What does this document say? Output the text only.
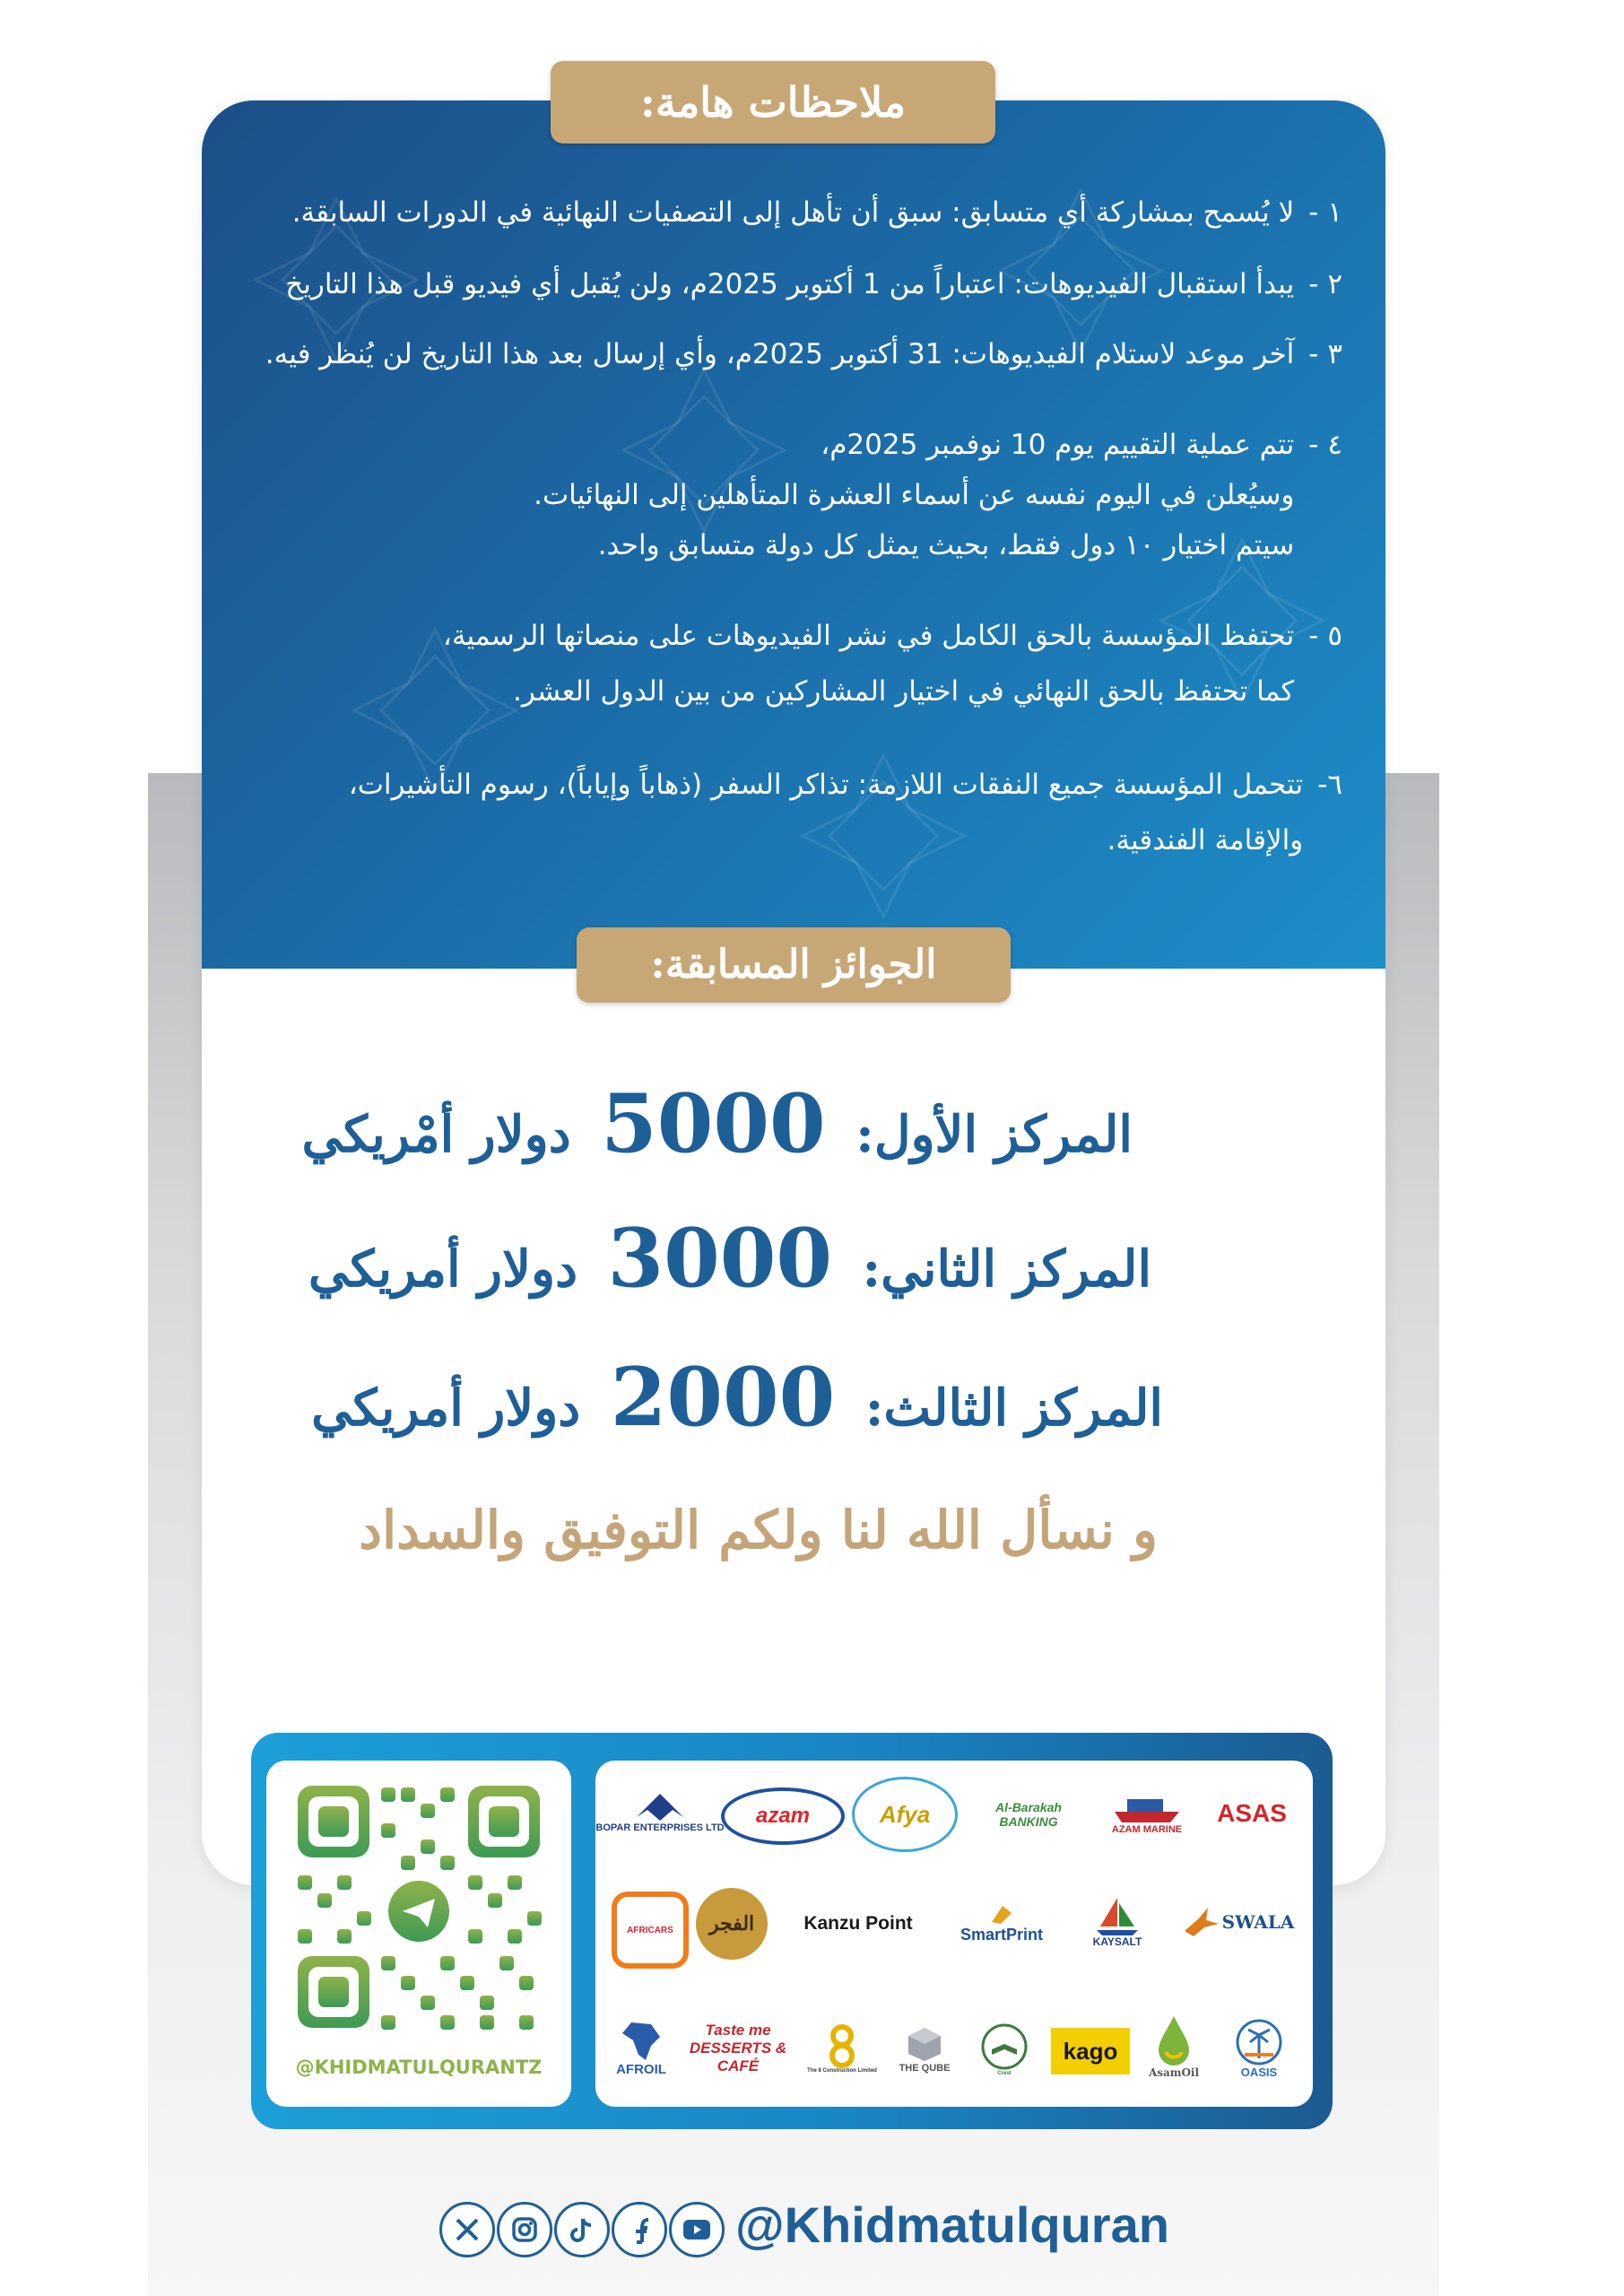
ملاحظات هامة:
١ -
لا يُسمح بمشاركة أي متسابق: سبق أن تأهل إلى التصفيات النهائية في الدورات السابقة.
٢ -
يبدأ استقبال الفيديوهات: اعتباراً من 1 أكتوبر 2025م، ولن يُقبل أي فيديو قبل هذا التاريخ
٣ -
آخر موعد لاستلام الفيديوهات: 31 أكتوبر 2025م، وأي إرسال بعد هذا التاريخ لن يُنظر فيه.
٤ -
تتم عملية التقييم يوم 10 نوفمبر 2025م،
وسيُعلن في اليوم نفسه عن أسماء العشرة المتأهلين إلى النهائيات.
سيتم اختيار ١٠ دول فقط، بحيث يمثل كل دولة متسابق واحد.
٥ -
تحتفظ المؤسسة بالحق الكامل في نشر الفيديوهات على منصاتها الرسمية،
كما تحتفظ بالحق النهائي في اختيار المشاركين من بين الدول العشر.
٦-
تتحمل المؤسسة جميع النفقات اللازمة: تذاكر السفر (ذهاباً وإياباً)، رسوم التأشيرات،
والإقامة الفندقية.
الجوائز المسابقة:
المركز الأول: 5000 دولار أمْريكي
المركز الثاني: 3000 دولار أمريكي
المركز الثالث: 2000 دولار أمريكي
و نسأل الله لنا ولكم التوفيق والسداد
@KHIDMATULQURANTZ
BOPAR ENTERPRISES LTD	azam	Afya	Al-Barakah BANKING
AZAM MARINE
ASAS
AFRICARS	الفجر	Kanzu Point
SmartPrint	KAYSALT
SWALA
AFROIL
Taste me DESSERTS & CAFÉ	The 8 Construction Limited THE QUBE	Crest
kago
AsamOil	OASIS
@Khidmatulquran
